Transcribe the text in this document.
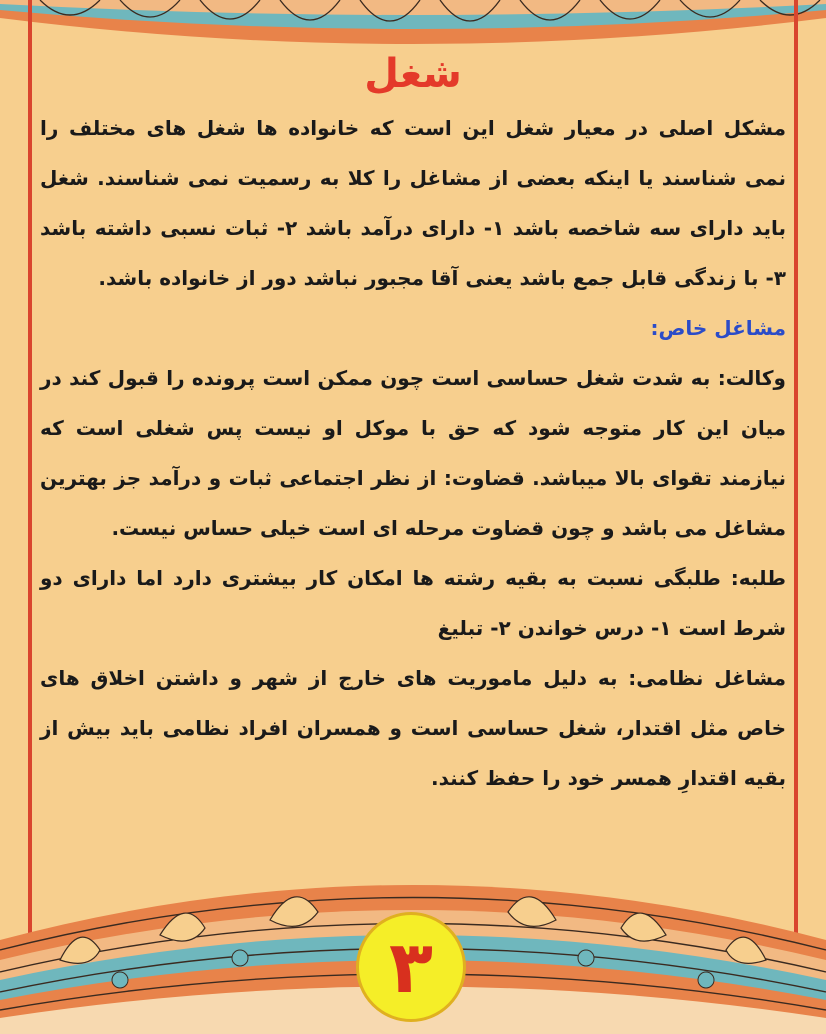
شغل

مشکل اصلی در معیار شغل این است که خانواده ها شغل های مختلف را نمی شناسند یا اینکه بعضی از مشاغل را کلا به رسمیت نمی شناسند. شغل باید دارای سه شاخصه باشد ۱- دارای درآمد باشد ۲- ثبات نسبی داشته باشد ۳- با زندگی قابل جمع باشد یعنی آقا مجبور نباشد دور از خانواده باشد.

مشاغل خاص:

وکالت: به شدت شغل حساسی است چون ممکن است پرونده را قبول کند در میان این کار متوجه شود که حق با موکل او نیست پس شغلی است که نیازمند تقوای بالا میباشد. قضاوت: از نظر اجتماعی ثبات و درآمد جز بهترین مشاغل می باشد و چون قضاوت مرحله ای است خیلی حساس نیست.

طلبه: طلبگی نسبت به بقیه رشته ها امکان کار بیشتری دارد اما دارای دو شرط است ۱- درس خواندن ۲- تبلیغ

مشاغل نظامی: به دلیل ماموریت های خارج از شهر و داشتن اخلاق های خاص مثل اقتدار، شغل حساسی است و همسران افراد نظامی باید بیش از بقیه اقتدارِ همسر خود را حفظ کنند.

۳
